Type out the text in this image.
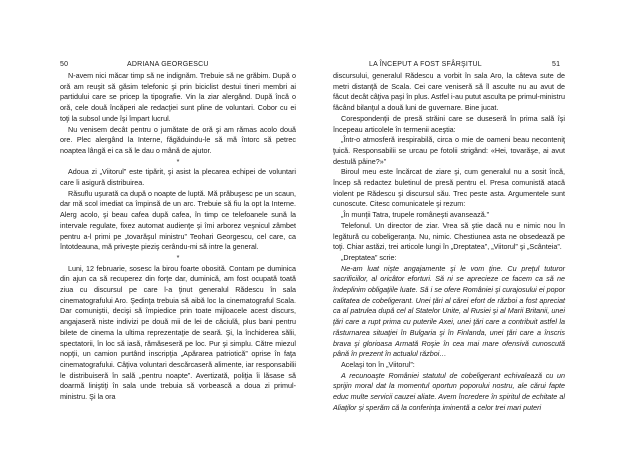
50	ADRIANA GEORGESCU

N-avem nici măcar timp să ne indignăm. Trebuie să ne grăbim. După o oră am reuşit să găsim telefonic şi prin biciclist destui tineri membri ai partidului care se pricep la tipografie. Vin la ziar alergând. După încă o oră, cele două încăperi ale redacţiei sunt pline de voluntari. Cobor cu ei toţi la subsol unde îşi împart lucrul.

Nu venisem decât pentru o jumătate de oră şi am rămas acolo două ore. Plec alergând la Interne, făgăduindu-le să mă întorc să petrec noaptea lângă ei ca să le dau o mână de ajutor.

*

Adoua zi „Viitorul” este tipărit, şi asist la plecarea echipei de voluntari care îi asigură distribuirea.

Răsuflu uşurată ca după o noapte de luptă. Mă prăbuşesc pe un scaun, dar mă scol imediat ca împinsă de un arc. Trebuie să fiu la opt la Interne. Alerg acolo, şi beau cafea după cafea, în timp ce telefoanele sună la intervale regulate, fixez automat audienţe şi îmi arborez veşnicul zâmbet pentru a-l primi pe „tovarăşul ministru” Teohari Georgescu, cel care, ca întotdeauna, mă priveşte pieziş cerându-mi să intre la general.

*

Luni, 12 februarie, sosesc la birou foarte obosită. Contam pe duminica din ajun ca să recuperez din forţe dar, duminică, am fost ocupată toată ziua cu discursul pe care l-a ţinut generalul Rădescu în sala cinematografului Aro. Şedinţa trebuia să aibă loc la cinematograful Scala. Dar comuniştii, decişi să împiedice prin toate mijloacele acest discurs, angajaseră niste indivizi pe două mii de lei de căciulă, plus bani pentru bilete de cinema la ultima reprezentaţie de seară. Şi, la închiderea sălii, spectatorii, în loc să iasă, rămăseseră pe loc. Pur şi simplu. Către miezul nopţii, un camion purtând inscripţia „Apărarea patriotică” oprise în faţa cinematografului. Câţiva voluntari descărcaseră alimente, iar responsabilii le distribuiseră în sală „pentru noapte”. Avertizată, poliţia îi lăsase să doarmă liniştiţi în sala unde trebuia să vorbească a doua zi primul-ministru. Şi la ora

LA ÎNCEPUT A FOST SFÂRŞITUL	51

discursului, generalul Rădescu a vorbit în sala Aro, la câteva sute de metri distanţă de Scala. Cei care veniseră să îl asculte nu au avut de făcut decât câţiva paşi în plus. Astfel i-au putut asculta pe primul-ministru făcând bilanţul a două luni de guvernare. Bine jucat.

Corespondenţii de presă străini care se duseseră în prima sală îşi începeau articolele în termenii aceştia:

„Într-o atmosferă irespirabilă, circa o mie de oameni beau neconteniţ ţuică. Responsabilii se urcau pe fotolii strigând: «Hei, tovarăşe, ai avut destulă pâine?»”

Biroul meu este încărcat de ziare şi, cum generalul nu a sosit încă, încep să redactez buletinul de presă pentru el. Presa comunistă atacă violent pe Rădescu şi discursul său. Trec peste asta. Argumentele sunt cunoscute. Citesc comunicatele şi rezum:

„În munţii Tatra, trupele româneşti avansează.”

Telefonul. Un director de ziar. Vrea să ştie dacă nu e nimic nou în legătură cu cobeligeranţa. Nu, nimic. Chestiunea asta ne obsedează pe toţi. Chiar astăzi, trei articole lungi în „Dreptatea”, „Viitorul” şi „Scânteia”.

„Dreptatea” scrie:

Ne-am luat nişte angajamente şi le vom ţine. Cu preţul tuturor sacrificiilor, al oricâtor eforturi. Să ni se aprecieze ce facem ca să ne îndeplinim obligaţiile luate. Să i se ofere României şi curajosului ei popor calitatea de cobeligerant. Unei ţări al cărei efort de război a fost apreciat ca al patrulea după cel al Statelor Unite, al Rusiei şi al Marii Britanii, unei ţări care a rupt prima cu puterile Axei, unei ţări care a contribuit astfel la răsturnarea situaţiei în Bulgaria şi în Finlanda, unei ţări care a înscris brava şi glorioasa Armată Roşie în cea mai mare ofensivă cunoscută până în prezent în actualul război…

Acelaşi ton în „Viitorul”:

A recunoaşte României statutul de cobeligerant echivalează cu un sprijin moral dat la momentul oportun poporului nostru, ale cărui fapte educ multe servicii cauzei aliate. Avem încredere în spiritul de echitate al Aliaţilor şi sperăm că la conferinţa iminentă a celor trei mari puteri
